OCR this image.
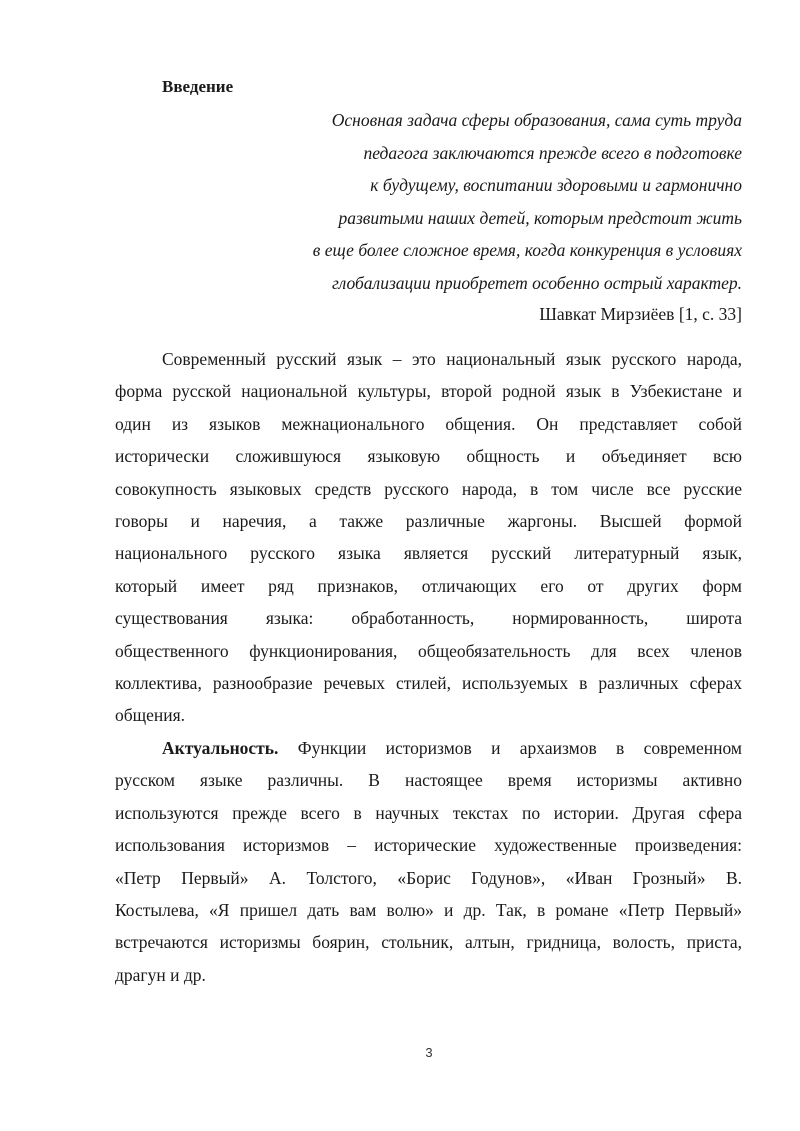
Введение
Основная задача сферы образования, сама суть труда
педагога заключаются прежде всего в подготовке
к будущему, воспитании здоровыми и гармонично
развитыми наших детей, которым предстоит жить
в еще более сложное время, когда конкуренция в условиях
глобализации приобретет особенно острый характер.
Шавкат Мирзиёев [1, с. 33]
Современный русский язык – это национальный язык русского народа,
форма русской национальной культуры, второй родной язык в Узбекистане и
один из языков межнационального общения. Он представляет собой
исторически сложившуюся языковую общность и объединяет всю
совокупность языковых средств русского народа, в том числе все русские
говоры и наречия, а также различные жаргоны. Высшей формой
национального русского языка является русский литературный язык,
который имеет ряд признаков, отличающих его от других форм
существования языка: обработанность, нормированность, широта
общественного функционирования, общеобязательность для всех членов
коллектива, разнообразие речевых стилей, используемых в различных сферах
общения.
Актуальность. Функции историзмов и архаизмов в современном
русском языке различны. В настоящее время историзмы активно
используются прежде всего в научных текстах по истории. Другая сфера
использования историзмов – исторические художественные произведения:
«Петр Первый» А. Толстого, «Борис Годунов», «Иван Грозный» В.
Костылева, «Я пришел дать вам волю» и др. Так, в романе «Петр Первый»
встречаются историзмы боярин, стольник, алтын, гридница, волость, приста,
драгун и др.
3
